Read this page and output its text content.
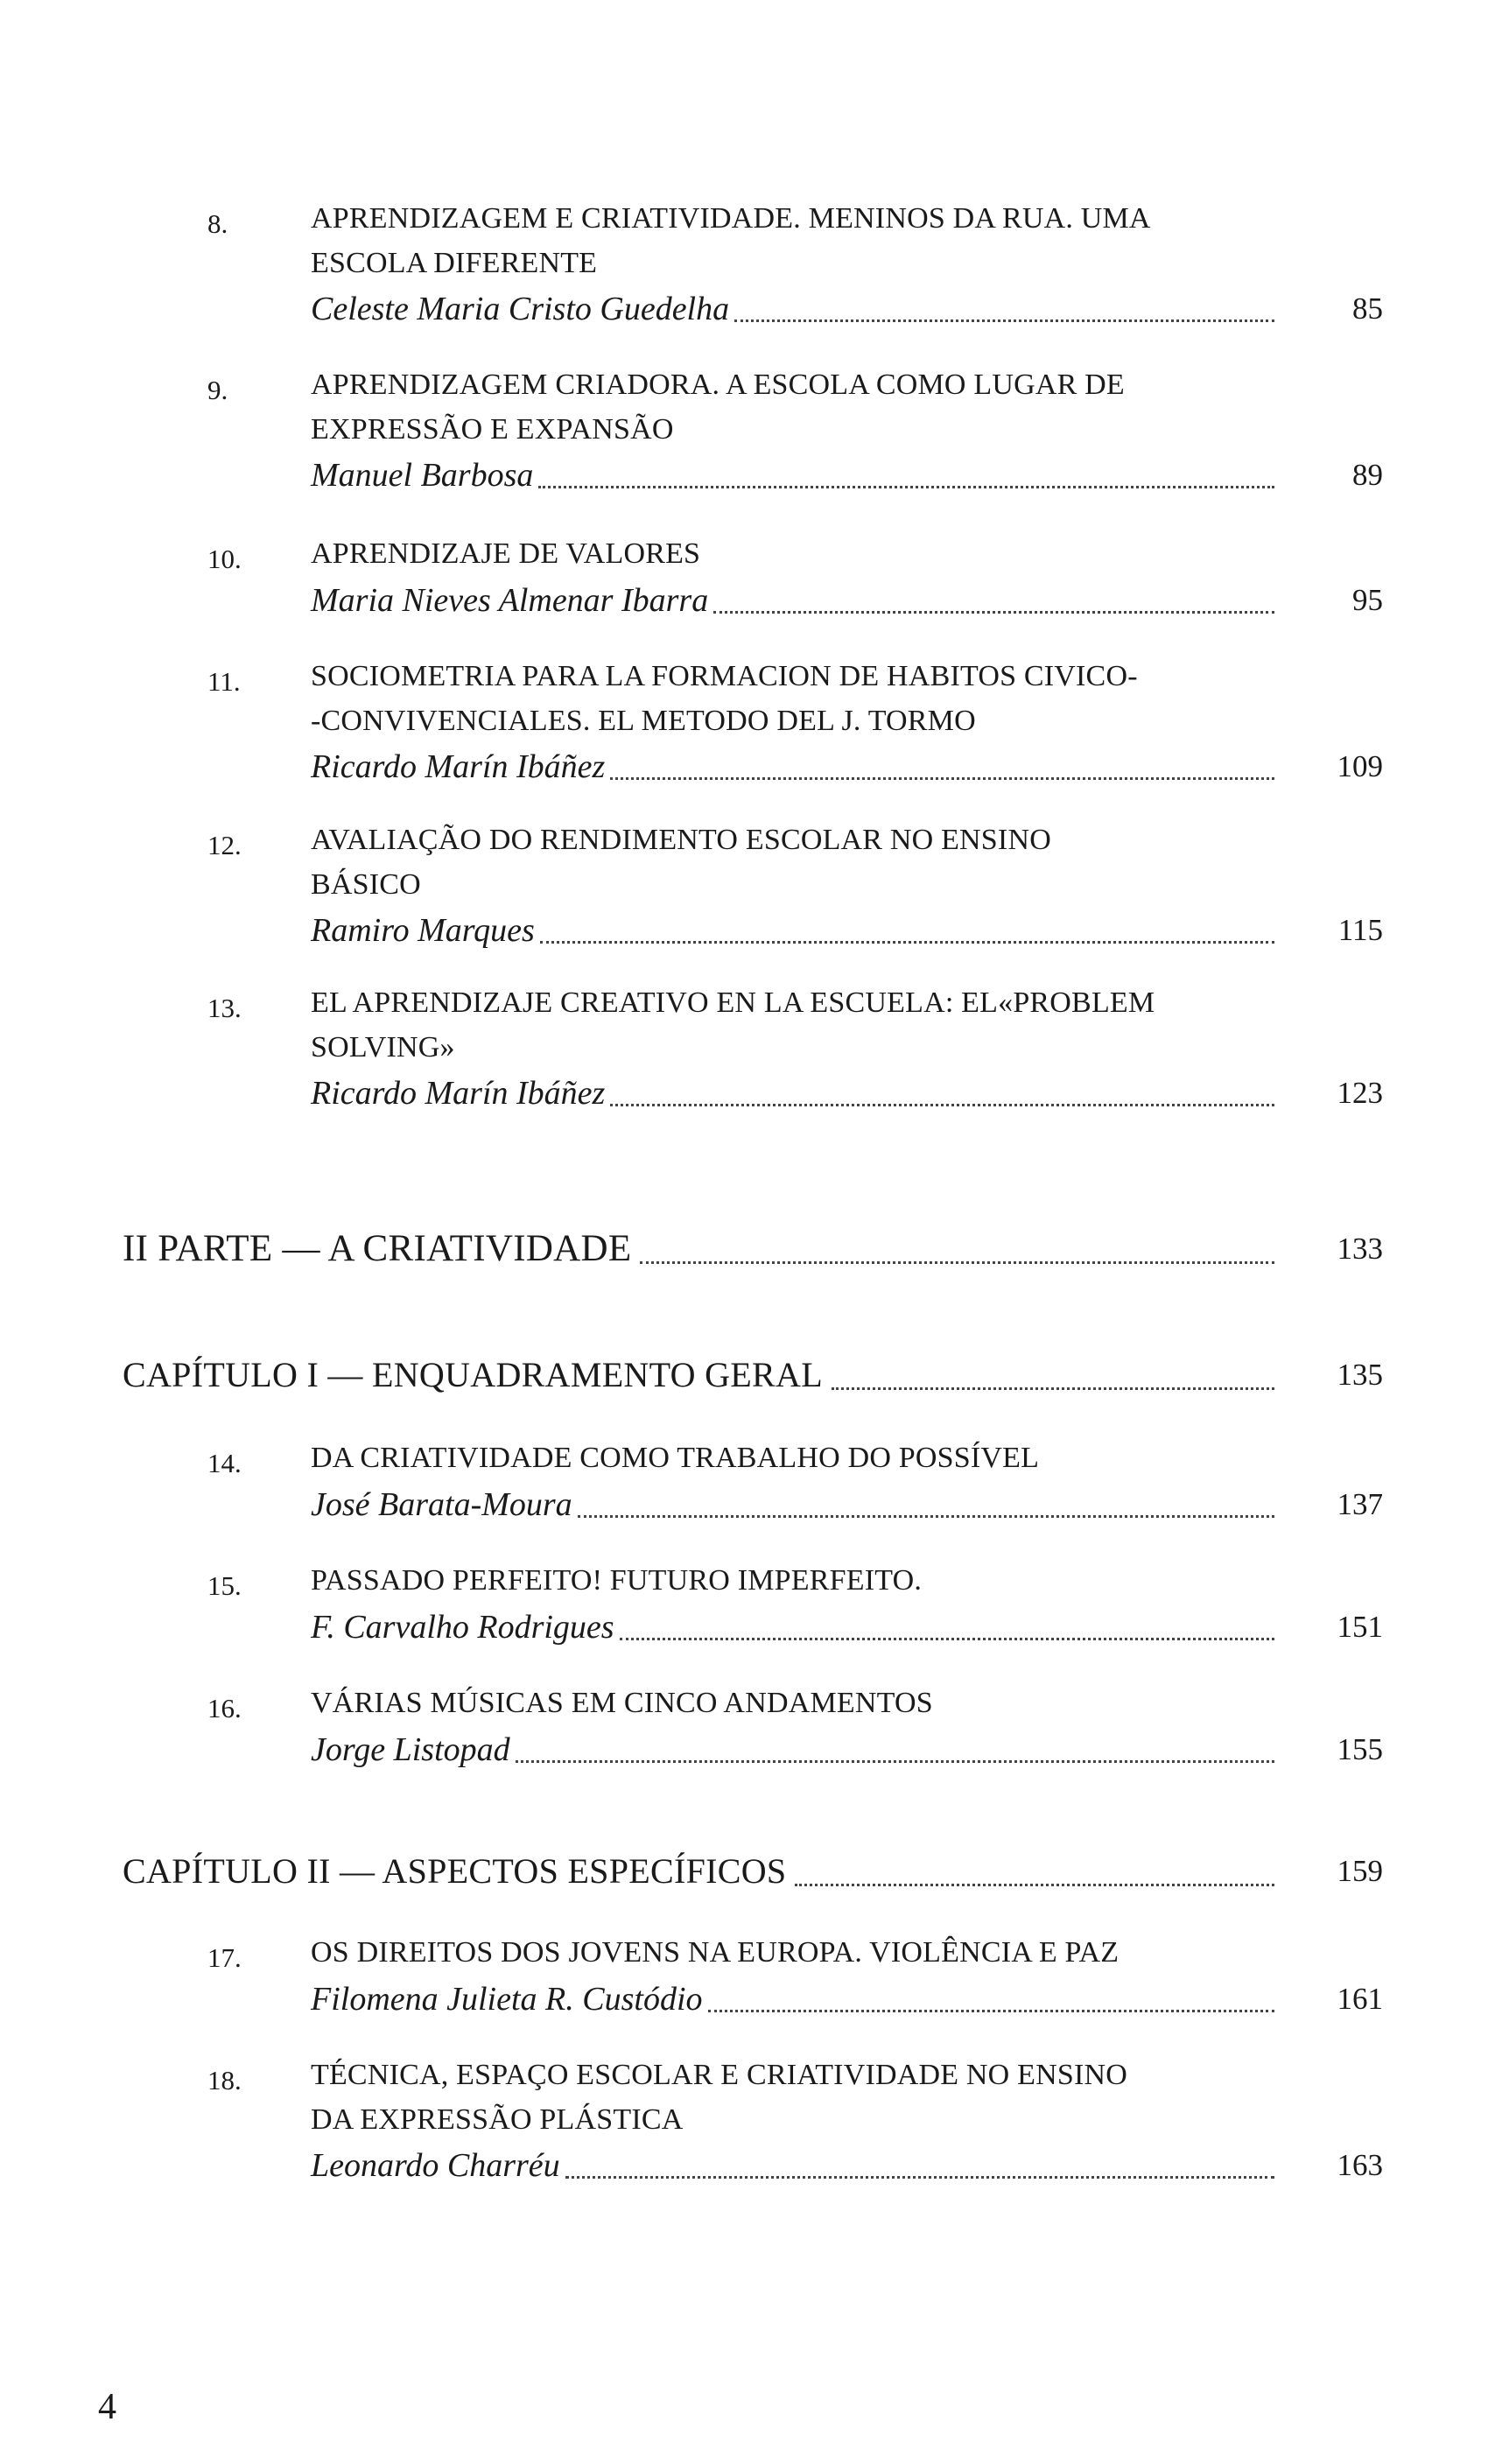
8.	APRENDIZAGEM E CRIATIVIDADE. MENINOS DA RUA. UMA
ESCOLA DIFERENTE
Celeste Maria Cristo Guedelha	85
9.	APRENDIZAGEM CRIADORA. A ESCOLA COMO LUGAR DE
EXPRESSÃO E EXPANSÃO
Manuel Barbosa	89
10. APRENDIZAJE DE VALORES
Maria Nieves Almenar Ibarra	95
11. SOCIOMETRIA PARA LA FORMACION DE HABITOS CIVICO-
-CONVIVENCIALES. EL METODO DEL J. TORMO
Ricardo Marín Ibáñez	109
12. AVALIAÇÃO DO RENDIMENTO ESCOLAR NO ENSINO
BÁSICO
Ramiro Marques	115
13. EL APRENDIZAJE CREATIVO EN LA ESCUELA: EL«PROBLEM
SOLVING»
Ricardo Marín Ibáñez	123
II PARTE — A CRIATIVIDADE	133
CAPÍTULO I — ENQUADRAMENTO GERAL	135
14. DA CRIATIVIDADE COMO TRABALHO DO POSSÍVEL
José Barata-Moura	137
15. PASSADO PERFEITO! FUTURO IMPERFEITO.
F. Carvalho Rodrigues	151
16. VÁRIAS MÚSICAS EM CINCO ANDAMENTOS
Jorge Listopad	155
CAPÍTULO II — ASPECTOS ESPECÍFICOS	159
17. OS DIREITOS DOS JOVENS NA EUROPA. VIOLÊNCIA E PAZ
Filomena Julieta R. Custódio	161
18. TÉCNICA, ESPAÇO ESCOLAR E CRIATIVIDADE NO ENSINO
DA EXPRESSÃO PLÁSTICA
Leonardo Charréu	163
4
